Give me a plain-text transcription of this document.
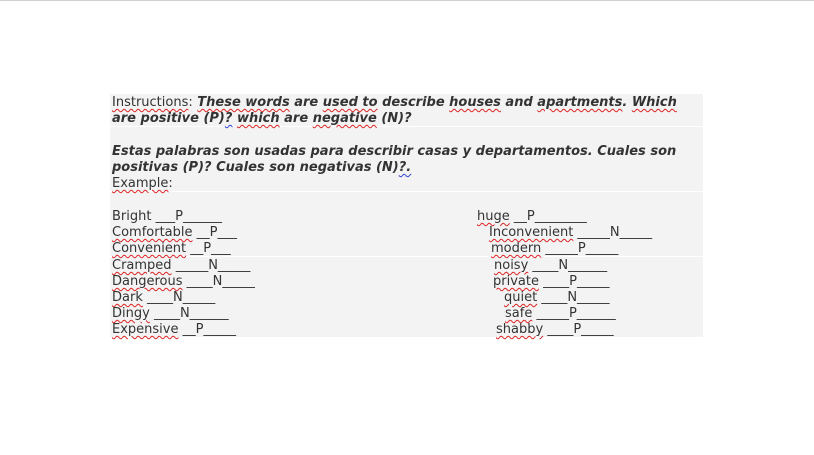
Instructions: These words are used to describe houses and apartments. Which
are positive (P)? which are negative (N)?
Estas palabras son usadas para describir casas y departamentos. Cuales son
positivas (P)? Cuales son negativas (N)?.
Example:
Bright ___P______
Comfortable __P___
Convenient __P___
Cramped _____N_____
Dangerous ____N_____
Dark ____N_____
Dingy ____N______
Expensive __P_____
huge __P________
Inconvenient _____N_____
modern _____P_____
noisy ____N______
private ____P_____
quiet ____N_____
safe _____P______
shabby ____P_____
